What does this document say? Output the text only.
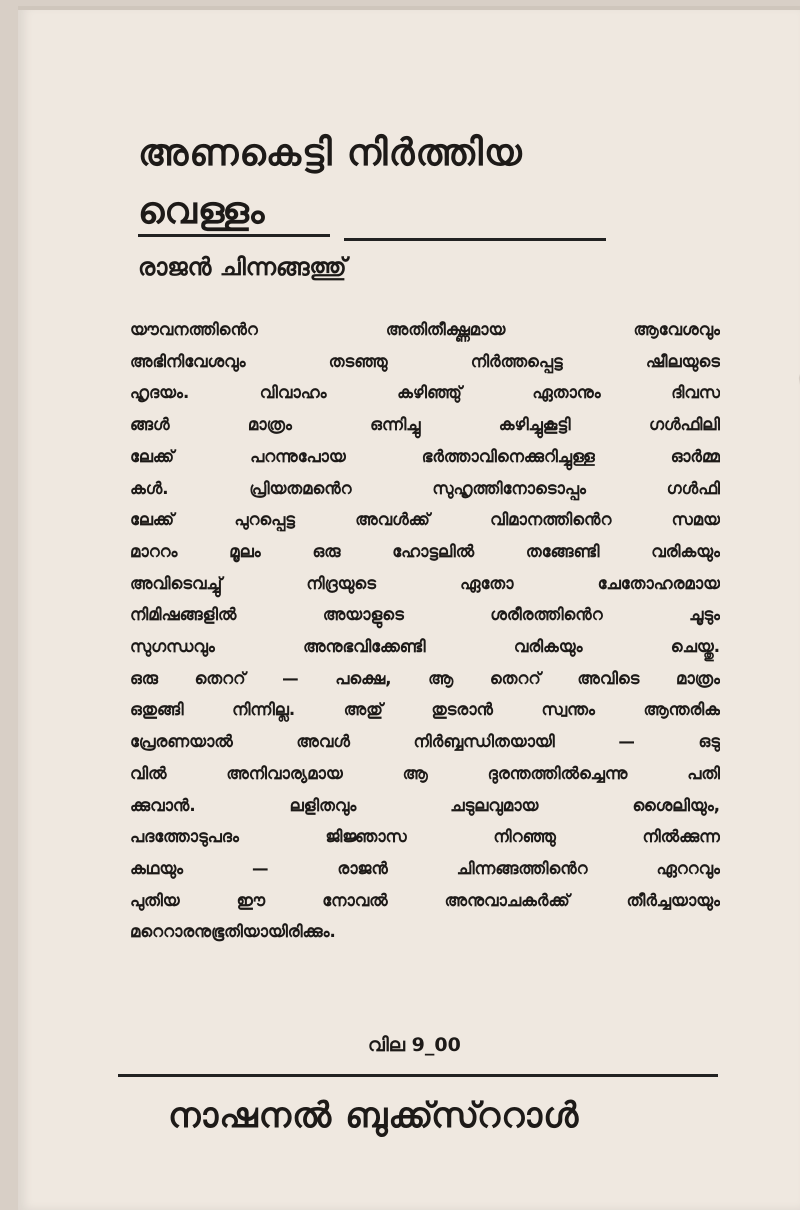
അണകെട്ടി നിർത്തിയ
വെള്ളം
രാജൻ ചിന്നങ്ങത്തു്
യൗവനത്തിൻെറ അതിതീക്ഷ്ണമായ ആവേശവും
അഭിനിവേശവും തടഞ്ഞു നിർത്തപ്പെട്ട ഷീലയുടെ
ഹൃദയം. വിവാഹം കഴിഞ്ഞു് ഏതാനും ദിവസ
ങ്ങൾ മാത്രം ഒന്നിച്ചു കഴിച്ചുകൂട്ടി ഗൾഫിലി
ലേക്ക് പറന്നുപോയ ഭർത്താവിനെക്കുറിച്ചുള്ള ഓർമ്മ
കൾ. പ്രിയതമൻെറ സുഹൃത്തിനോടൊപ്പം ഗൾഫി
ലേക്ക് പുറപ്പെട്ട അവൾക്ക് വിമാനത്തിൻെറ സമയ
മാററം മൂലം ഒരു ഹോട്ടലിൽ തങ്ങേണ്ടി വരികയും
അവിടെവച്ചു് നിദ്രയുടെ ഏതോ ചേതോഹരമായ
നിമിഷങ്ങളിൽ അയാളുടെ ശരീരത്തിൻെറ ചൂടും
സുഗന്ധവും അനുഭവിക്കേണ്ടി വരികയും ചെയ്തു.
ഒരു തെററ് — പക്ഷെ, ആ തെററ് അവിടെ മാത്രം
ഒതുങ്ങി നിന്നില്ല. അതു് തുടരാൻ സ്വന്തം ആന്തരിക
പ്രേരണയാൽ അവൾ നിർബ്ബന്ധിതയായി — ഒടു
വിൽ അനിവാര്യമായ ആ ദുരന്തത്തിൽച്ചെന്നു പതി
ക്കുവാൻ. ലളിതവും ചടുലവുമായ ശൈലിയും,
പദത്തോടുപദം ജിജ്ഞാസ നിറഞ്ഞു നിൽക്കുന്ന
കഥയും — രാജൻ ചിന്നങ്ങത്തിൻെറ ഏററവും
പുതിയ ഈ നോവൽ അനുവാചകർക്ക് തീർച്ചയായും
മറെറാരനുഭൂതിയായിരിക്കും.
വില 9_00
നാഷനൽ ബുക്ക്സ്ററാൾ
